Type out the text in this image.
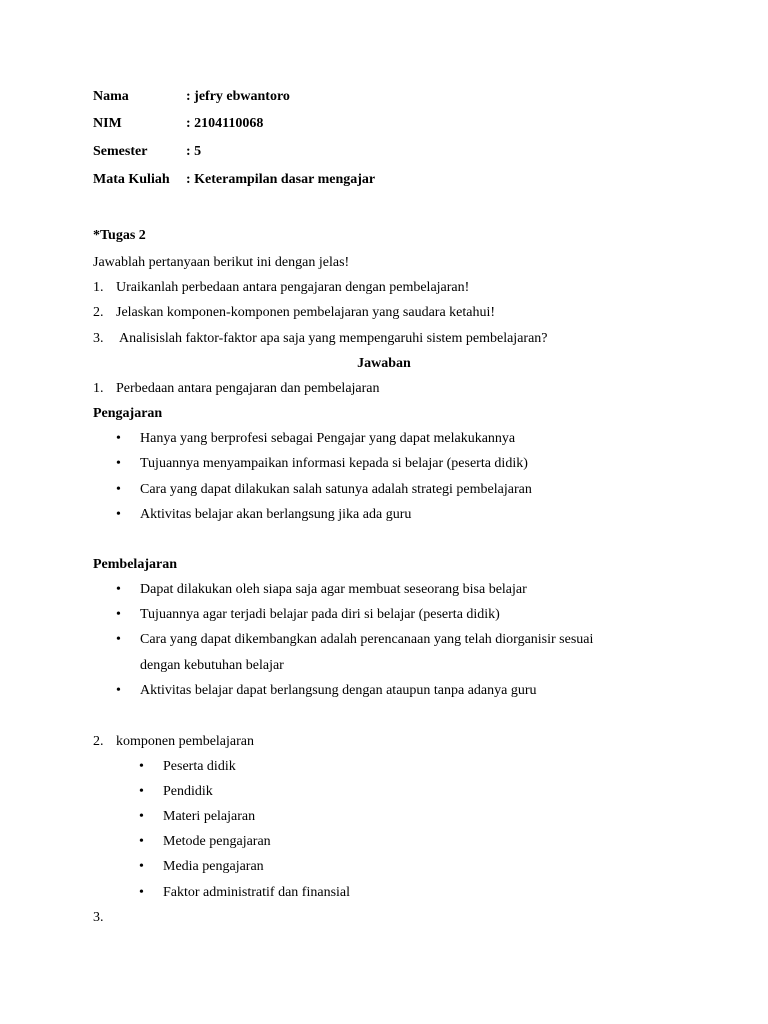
Nama	: jefry ebwantoro
NIM	: 2104110068
Semester	: 5
Mata Kuliah : Keterampilan dasar mengajar
*Tugas 2
Jawablah pertanyaan berikut ini dengan jelas!
1. Uraikanlah perbedaan antara pengajaran dengan pembelajaran!
2. Jelaskan komponen-komponen pembelajaran yang saudara ketahui!
3. Analisislah faktor-faktor apa saja yang mempengaruhi sistem pembelajaran?
Jawaban
1. Perbedaan antara pengajaran dan pembelajaran
Pengajaran
• Hanya yang berprofesi sebagai Pengajar yang dapat melakukannya
• Tujuannya menyampaikan informasi kepada si belajar (peserta didik)
• Cara yang dapat dilakukan salah satunya adalah strategi pembelajaran
• Aktivitas belajar akan berlangsung jika ada guru
Pembelajaran
• Dapat dilakukan oleh siapa saja agar membuat seseorang bisa belajar
• Tujuannya agar terjadi belajar pada diri si belajar (peserta didik)
• Cara yang dapat dikembangkan adalah perencanaan yang telah diorganisir sesuai
dengan kebutuhan belajar
• Aktivitas belajar dapat berlangsung dengan ataupun tanpa adanya guru
2. komponen pembelajaran
• Peserta didik
• Pendidik
• Materi pelajaran
• Metode pengajaran
• Media pengajaran
• Faktor administratif dan finansial
3.
